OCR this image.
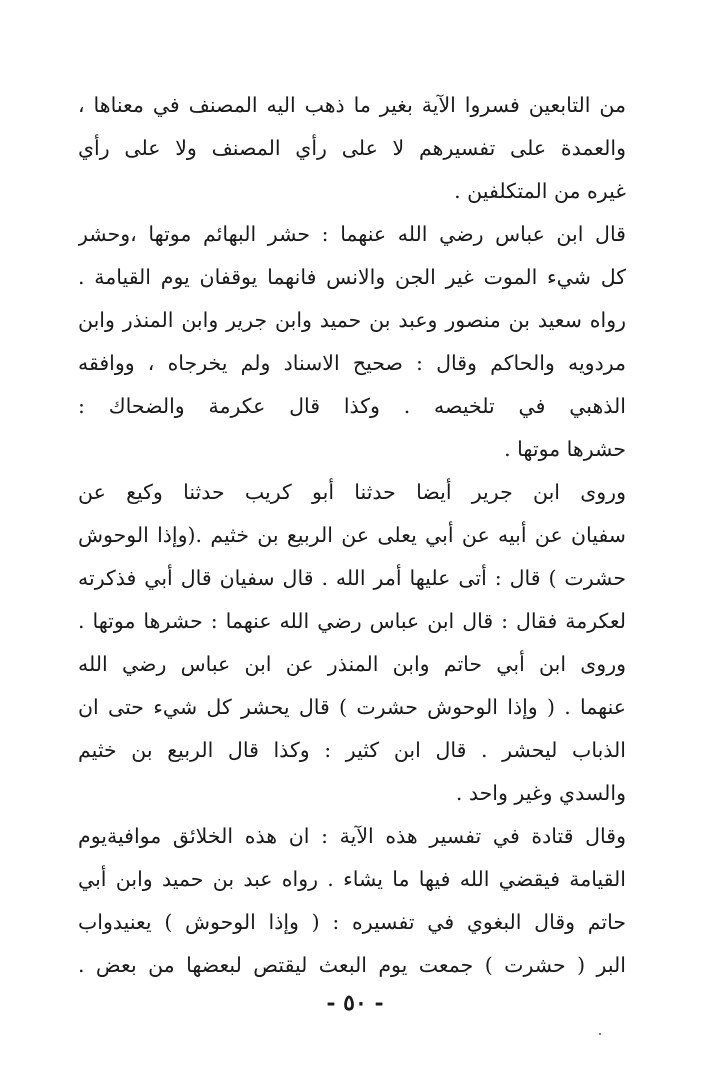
من التابعين فسروا الآية بغير ما ذهب اليه المصنف في معناها ،
والعمدة على تفسيرهم لا على رأي المصنف ولا على رأي
غيره من المتكلفين .
قال ابن عباس رضي الله عنهما : حشر البهائم موتها ،وحشر
كل شيء الموت غير الجن والانس فانهما يوقفان يوم القيامة .
رواه سعيد بن منصور وعبد بن حميد وابن جرير وابن المنذر وابن
مردويه والحاكم وقال : صحيح الاسناد ولم يخرجاه ، ووافقه
الذهبي في تلخيصه . وكذا قال عكرمة والضحاك :
حشرها موتها .
وروى ابن جرير أيضا حدثنا أبو كريب حدثنا وكيع عن
سفيان عن أبيه عن أبي يعلى عن الربيع بن خثيم .(وإذا الوحوش
حشرت ) قال : أتى عليها أمر الله . قال سفيان قال أبي فذكرته
لعكرمة فقال : قال ابن عباس رضي الله عنهما : حشرها موتها .
وروى ابن أبي حاتم وابن المنذر عن ابن عباس رضي الله
عنهما . ( وإذا الوحوش حشرت ) قال يحشر كل شيء حتى ان
الذباب ليحشر . قال ابن كثير : وكذا قال الربيع بن خثيم
والسدي وغير واحد .
وقال قتادة في تفسير هذه الآية : ان هذه الخلائق موافيةيوم
القيامة فيقضي الله فيها ما يشاء . رواه عبد بن حميد وابن أبي
حاتم وقال البغوي في تفسيره : ( وإذا الوحوش ) يعنيدواب
البر ( حشرت ) جمعت يوم البعث ليقتص لبعضها من بعض .
- ٥٠ -
